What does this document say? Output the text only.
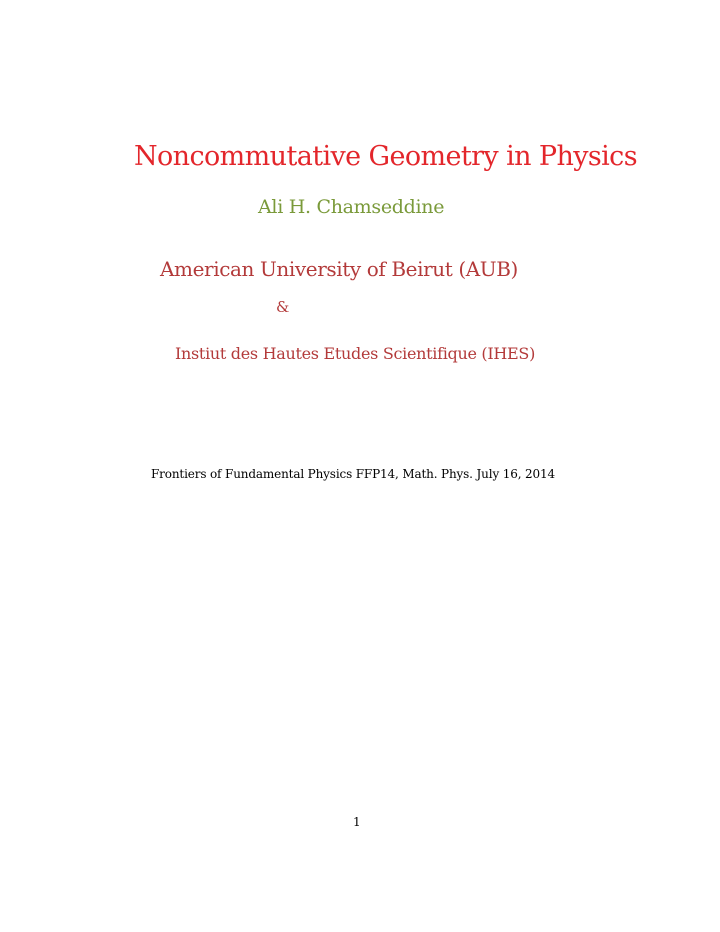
Noncommutative Geometry in Physics
Ali H. Chamseddine
American University of Beirut (AUB)
&
Instiut des Hautes Etudes Scientifique (IHES)
Frontiers of Fundamental Physics FFP14, Math. Phys. July 16, 2014
1
